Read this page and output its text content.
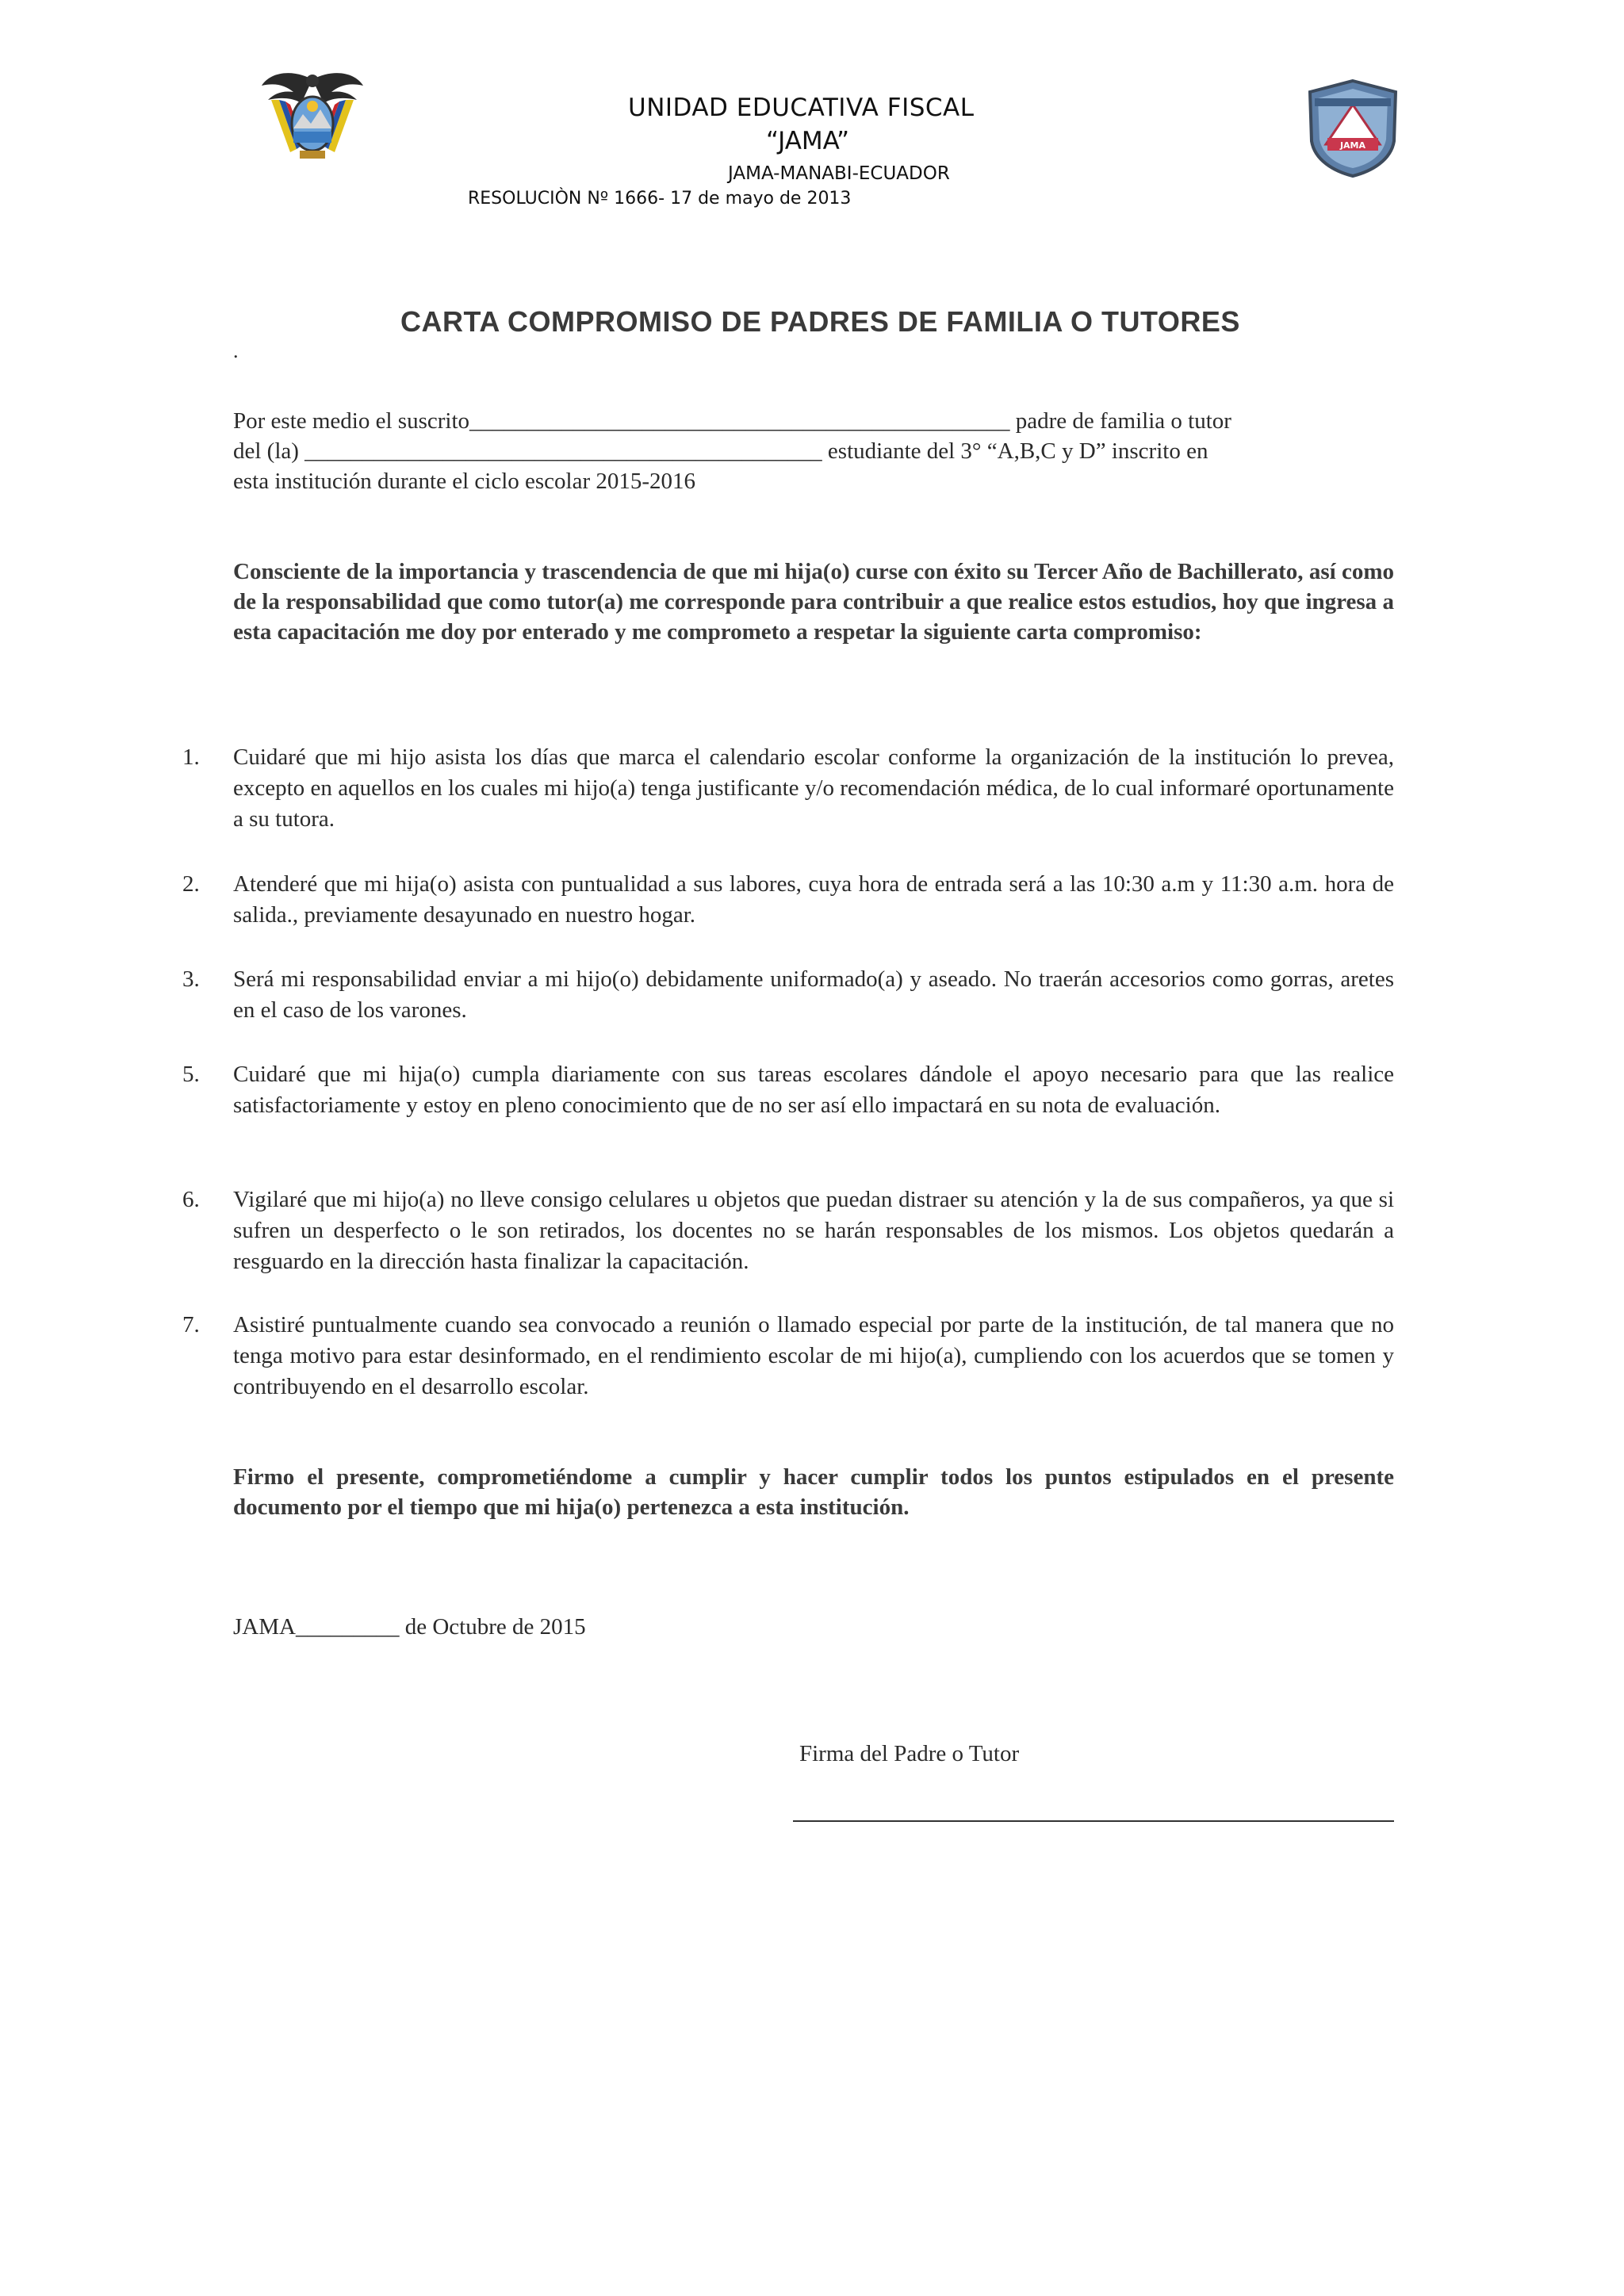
UNIDAD EDUCATIVA FISCAL
“JAMA”
JAMA-MANABI-ECUADOR
RESOLUCIÒN Nº 1666- 17 de mayo de 2013
JAMA
CARTA COMPROMISO DE PADRES DE FAMILIA O TUTORES
.
Por este medio el suscrito_______________________________________________ padre de familia o tutor
del (la) _____________________________________________ estudiante del 3° “A,B,C y D” inscrito en
esta institución durante el ciclo escolar 2015-2016
Consciente de la importancia y trascendencia de que mi hija(o) curse con éxito su Tercer Año de Bachillerato, así como de la responsabilidad que como tutor(a) me corresponde para contribuir a que realice estos estudios, hoy que ingresa a esta capacitación me doy por enterado y me comprometo a respetar la siguiente carta compromiso:
1. Cuidaré que mi hijo asista los días que marca el calendario escolar conforme la organización de la institución lo prevea, excepto en aquellos en los cuales mi hijo(a) tenga justificante y/o recomendación médica, de lo cual informaré oportunamente a su tutora.
2. Atenderé que mi hija(o) asista con puntualidad a sus labores, cuya hora de entrada será a las 10:30 a.m y 11:30 a.m. hora de salida., previamente desayunado en nuestro hogar.
3. Será mi responsabilidad enviar a mi hijo(o) debidamente uniformado(a) y aseado. No traerán accesorios como gorras, aretes en el caso de los varones.
5. Cuidaré que mi hija(o) cumpla diariamente con sus tareas escolares dándole el apoyo necesario para que las realice satisfactoriamente y estoy en pleno conocimiento que de no ser así ello impactará en su nota de evaluación.
6. Vigilaré que mi hijo(a) no lleve consigo celulares u objetos que puedan distraer su atención y la de sus compañeros, ya que si sufren un desperfecto o le son retirados, los docentes no se harán responsables de los mismos. Los objetos quedarán a resguardo en la dirección hasta finalizar la capacitación.
7. Asistiré puntualmente cuando sea convocado a reunión o llamado especial por parte de la institución, de tal manera que no tenga motivo para estar desinformado, en el rendimiento escolar de mi hijo(a), cumpliendo con los acuerdos que se tomen y contribuyendo en el desarrollo escolar.
Firmo el presente, comprometiéndome a cumplir y hacer cumplir todos los puntos estipulados en el presente documento por el tiempo que mi hija(o) pertenezca a esta institución.
JAMA_________ de Octubre de 2015
Firma del Padre o Tutor
